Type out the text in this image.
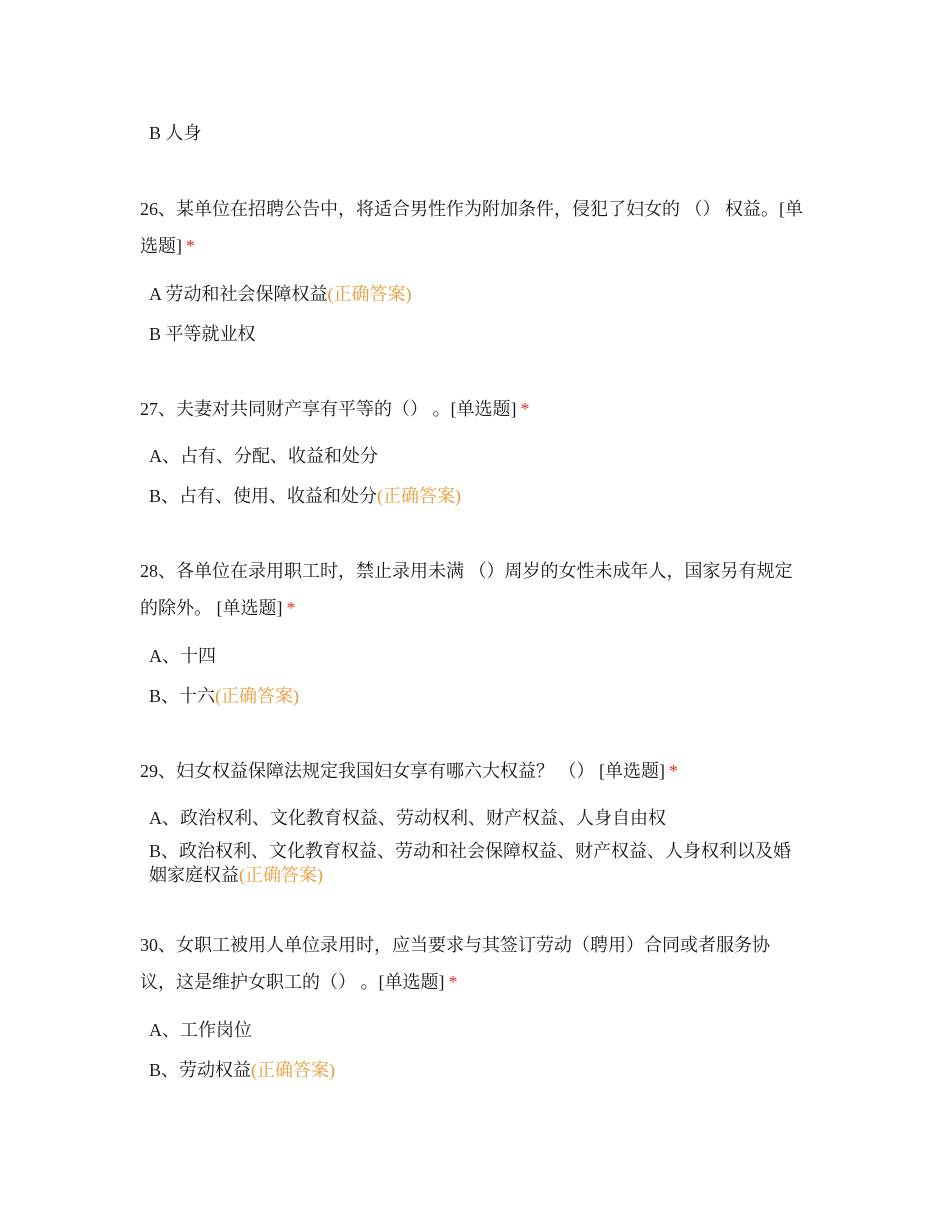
B 人身
26、某单位在招聘公告中，将适合男性作为附加条件，侵犯了妇女的 （） 权益。[单选题] *
A 劳动和社会保障权益(正确答案)
B 平等就业权
27、夫妻对共同财产享有平等的（） 。[单选题] *
A、占有、分配、收益和处分
B、占有、使用、收益和处分(正确答案)
28、各单位在录用职工时，禁止录用未满 （）周岁的女性未成年人，国家另有规定的除外。 [单选题] *
A、十四
B、十六(正确答案)
29、妇女权益保障法规定我国妇女享有哪六大权益？ （） [单选题] *
A、政治权利、文化教育权益、劳动权利、财产权益、人身自由权
B、政治权利、文化教育权益、劳动和社会保障权益、财产权益、人身权利以及婚姻家庭权益(正确答案)
30、女职工被用人单位录用时，应当要求与其签订劳动（聘用）合同或者服务协议，这是维护女职工的（） 。[单选题] *
A、工作岗位
B、劳动权益(正确答案)
